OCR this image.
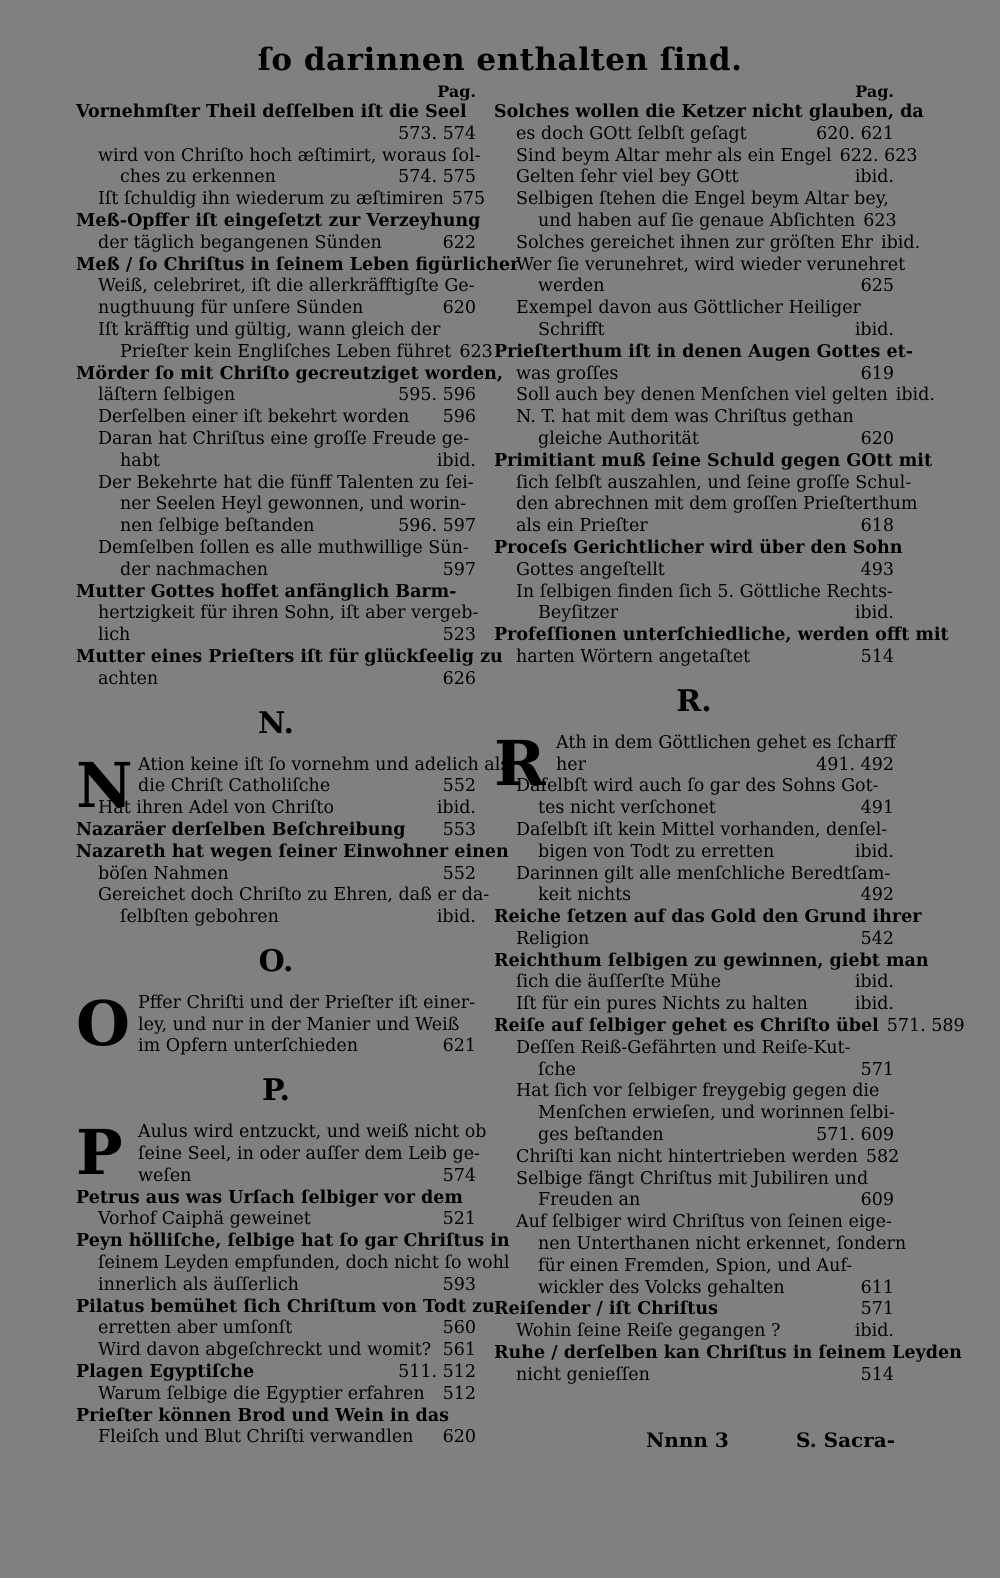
ſo darinnen enthalten ſind.
Pag.
Vornehmſter Theil deſſelben iſt die Seel
573. 574
wird von Chriſto hoch æſtimirt, woraus ſol-
ches zu erkennen	574. 575
Iſt ſchuldig ihn wiederum zu æſtimiren 575
Meß-Opffer iſt eingeſetzt zur Verzeyhung
der täglich begangenen Sünden	622
Meß / ſo Chriſtus in ſeinem Leben figürlicher
Weiß, celebriret, iſt die allerkräfftigſte Ge-
nugthuung für unſere Sünden	620
Iſt kräfftig und gültig, wann gleich der
Prieſter kein Engliſches Leben führet 623
Mörder ſo mit Chriſto gecreutziget worden,
läſtern ſelbigen	595. 596
Derſelben einer iſt bekehrt worden	596
Daran hat Chriſtus eine groſſe Freude ge-
habt	ibid.
Der Bekehrte hat die fünff Talenten zu ſei-
ner Seelen Heyl gewonnen, und worin-
nen ſelbige beſtanden	596. 597
Demſelben ſollen es alle muthwillige Sün-
der nachmachen	597
Mutter Gottes hoffet anfänglich Barm-
hertzigkeit für ihren Sohn, iſt aber vergeb-
lich	523
Mutter eines Prieſters iſt für glückſeelig zu
achten	626
N.
N Ation keine iſt ſo vornehm und adelich als
die Chriſt Catholiſche	552
Hat ihren Adel von Chriſto	ibid.
Nazaräer derſelben Beſchreibung	553
Nazareth hat wegen ſeiner Einwohner einen
böſen Nahmen	552
Gereichet doch Chriſto zu Ehren, daß er da-
ſelbſten gebohren	ibid.
O.
O Pffer Chriſti und der Prieſter iſt einer-
ley, und nur in der Manier und Weiß
im Opfern unterſchieden	621
P.
P Aulus wird entzuckt, und weiß nicht ob
ſeine Seel, in oder auſſer dem Leib ge-
weſen	574
Petrus aus was Urſach ſelbiger vor dem
Vorhof Caiphä geweinet	521
Peyn hölliſche, ſelbige hat ſo gar Chriſtus in
ſeinem Leyden empfunden, doch nicht ſo wohl
innerlich als äuſſerlich	593
Pilatus bemühet ſich Chriſtum von Todt zu
erretten aber umſonſt	560
Wird davon abgeſchreckt und womit? 561
Plagen Egyptiſche	511. 512
Warum ſelbige die Egyptier erfahren	512
Prieſter können Brod und Wein in das
Fleiſch und Blut Chriſti verwandlen	620
Pag.
Solches wollen die Ketzer nicht glauben, da
es doch GOtt ſelbſt geſagt	620. 621
Sind beym Altar mehr als ein Engel 622. 623
Gelten ſehr viel bey GOtt	ibid.
Selbigen ſtehen die Engel beym Altar bey,
und haben auf ſie genaue Abſichten 623
Solches gereichet ihnen zur gröſten Ehr ibid.
Wer ſie verunehret, wird wieder verunehret
werden	625
Exempel davon aus Göttlicher Heiliger
Schrifft	ibid.
Prieſterthum iſt in denen Augen Gottes et-
was groſſes	619
Soll auch bey denen Menſchen viel gelten ibid.
N. T. hat mit dem was Chriſtus gethan
gleiche Authorität	620
Primitiant muß ſeine Schuld gegen GOtt mit
ſich ſelbſt auszahlen, und ſeine groſſe Schul-
den abrechnen mit dem groſſen Prieſterthum
als ein Prieſter	618
Proceſs Gerichtlicher wird über den Sohn
Gottes angeſtellt	493
In ſelbigen finden ſich 5. Göttliche Rechts-
Beyſitzer	ibid.
Profeſſionen unterſchiedliche, werden offt mit
harten Wörtern angetaſtet	514
R.
R Ath in dem Göttlichen gehet es ſcharff
her	491. 492
Daſelbſt wird auch ſo gar des Sohns Got-
tes nicht verſchonet	491
Daſelbſt iſt kein Mittel vorhanden, denſel-
bigen von Todt zu erretten	ibid.
Darinnen gilt alle menſchliche Beredtſam-
keit nichts	492
Reiche ſetzen auf das Gold den Grund ihrer
Religion	542
Reichthum ſelbigen zu gewinnen, giebt man
ſich die äuſſerſte Mühe	ibid.
Iſt für ein pures Nichts zu halten	ibid.
Reiſe auf ſelbiger gehet es Chriſto übel 571. 589
Deſſen Reiß-Gefährten und Reiſe-Kut-
ſche	571
Hat ſich vor ſelbiger freygebig gegen die
Menſchen erwieſen, und worinnen ſelbi-
ges beſtanden	571. 609
Chriſti kan nicht hintertrieben werden 582
Selbige fängt Chriſtus mit Jubiliren und
Freuden an	609
Auf ſelbiger wird Chriſtus von ſeinen eige-
nen Unterthanen nicht erkennet, ſondern
für einen Fremden, Spion, und Auf-
wickler des Volcks gehalten	611
Reiſender / iſt Chriſtus	571
Wohin ſeine Reiſe gegangen ?	ibid.
Ruhe / derſelben kan Chriſtus in ſeinem Leyden
nicht genieſſen	514
Nnnn 3	S. Sacra-
